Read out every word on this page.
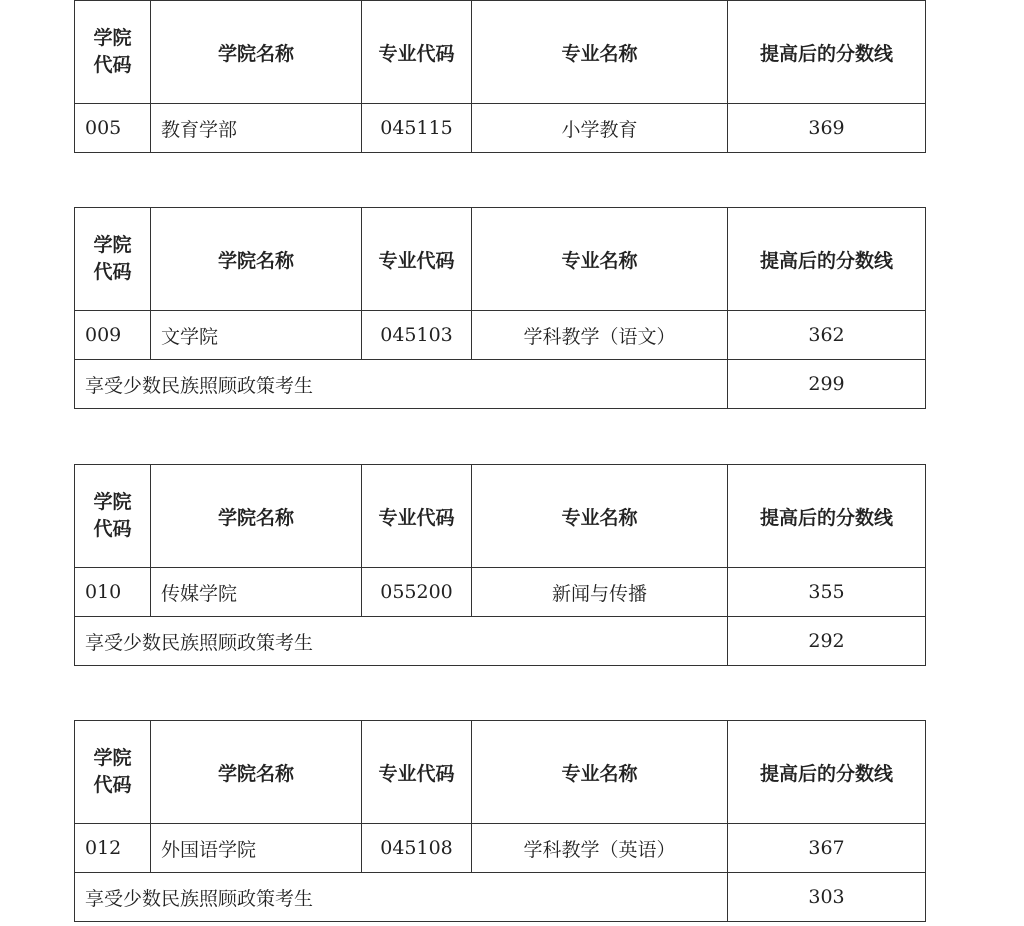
学院
代码	学院名称	专业代码	专业名称	提高后的分数线
005	教育学部	045115	小学教育	369
学院
代码	学院名称	专业代码	专业名称	提高后的分数线
009	文学院	045103	学科教学（语文）	362
享受少数民族照顾政策考生				299
学院
代码	学院名称	专业代码	专业名称	提高后的分数线
010	传媒学院	055200	新闻与传播	355
享受少数民族照顾政策考生				292
学院
代码	学院名称	专业代码	专业名称	提高后的分数线
012	外国语学院	045108	学科教学（英语）	367
享受少数民族照顾政策考生				303
